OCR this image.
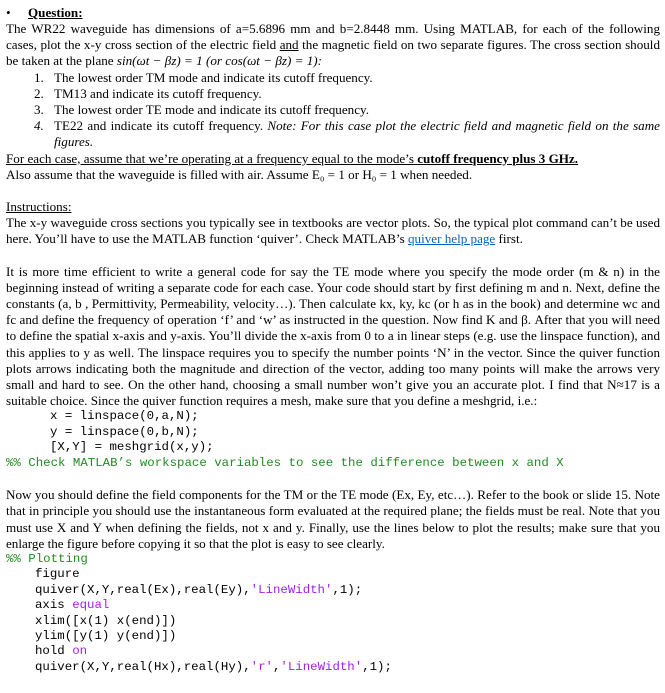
• Question:

The WR22 waveguide has dimensions of a=5.6896 mm and b=2.8448 mm. Using MATLAB, for each of the following cases, plot the x-y cross section of the electric field and the magnetic field on two separate figures. The cross section should be taken at the plane sin(ωt − βz) = 1 (or cos(ωt − βz) = 1):

1. The lowest order TM mode and indicate its cutoff frequency.
2. TM13 and indicate its cutoff frequency.
3. The lowest order TE mode and indicate its cutoff frequency.
4. TE22 and indicate its cutoff frequency. Note: For this case plot the electric field and magnetic field on the same figures.

For each case, assume that we’re operating at a frequency equal to the mode’s cutoff frequency plus 3 GHz.

Also assume that the waveguide is filled with air. Assume E₀ = 1 or H₀ = 1 when needed.

Instructions:

The x-y waveguide cross sections you typically see in textbooks are vector plots. So, the typical plot command can’t be used here. You’ll have to use the MATLAB function ‘quiver’. Check MATLAB’s quiver help page first.

It is more time efficient to write a general code for say the TE mode where you specify the mode order (m & n) in the beginning instead of writing a separate code for each case. Your code should start by first defining m and n. Next, define the constants (a, b , Permittivity, Permeability, velocity…). Then calculate kx, ky, kc (or h as in the book) and determine wc and fc and define the frequency of operation ‘f’ and ‘w’ as instructed in the question. Now find K and β. After that you will need to define the spatial x-axis and y-axis. You’ll divide the x-axis from 0 to a in linear steps (e.g. use the linspace function), and this applies to y as well. The linspace requires you to specify the number points ‘N’ in the vector. Since the quiver function plots arrows indicating both the magnitude and direction of the vector, adding too many points will make the arrows very small and hard to see. On the other hand, choosing a small number won’t give you an accurate plot. I find that N≈17 is a suitable choice. Since the quiver function requires a mesh, make sure that you define a meshgrid, i.e.:

x = linspace(0,a,N);
y = linspace(0,b,N);
[X,Y] = meshgrid(x,y);
%% Check MATLAB’s workspace variables to see the difference between x and X

Now you should define the field components for the TM or the TE mode (Ex, Ey, etc…). Refer to the book or slide 15. Note that in principle you should use the instantaneous form evaluated at the required plane; the fields must be real. Note that you must use X and Y when defining the fields, not x and y. Finally, use the lines below to plot the results; make sure that you enlarge the figure before copying it so that the plot is easy to see clearly.

%% Plotting
figure
quiver(X,Y,real(Ex),real(Ey),'LineWidth',1);
axis equal
xlim([x(1) x(end)])
ylim([y(1) y(end)])
hold on
quiver(X,Y,real(Hx),real(Hy),'r','LineWidth',1);
